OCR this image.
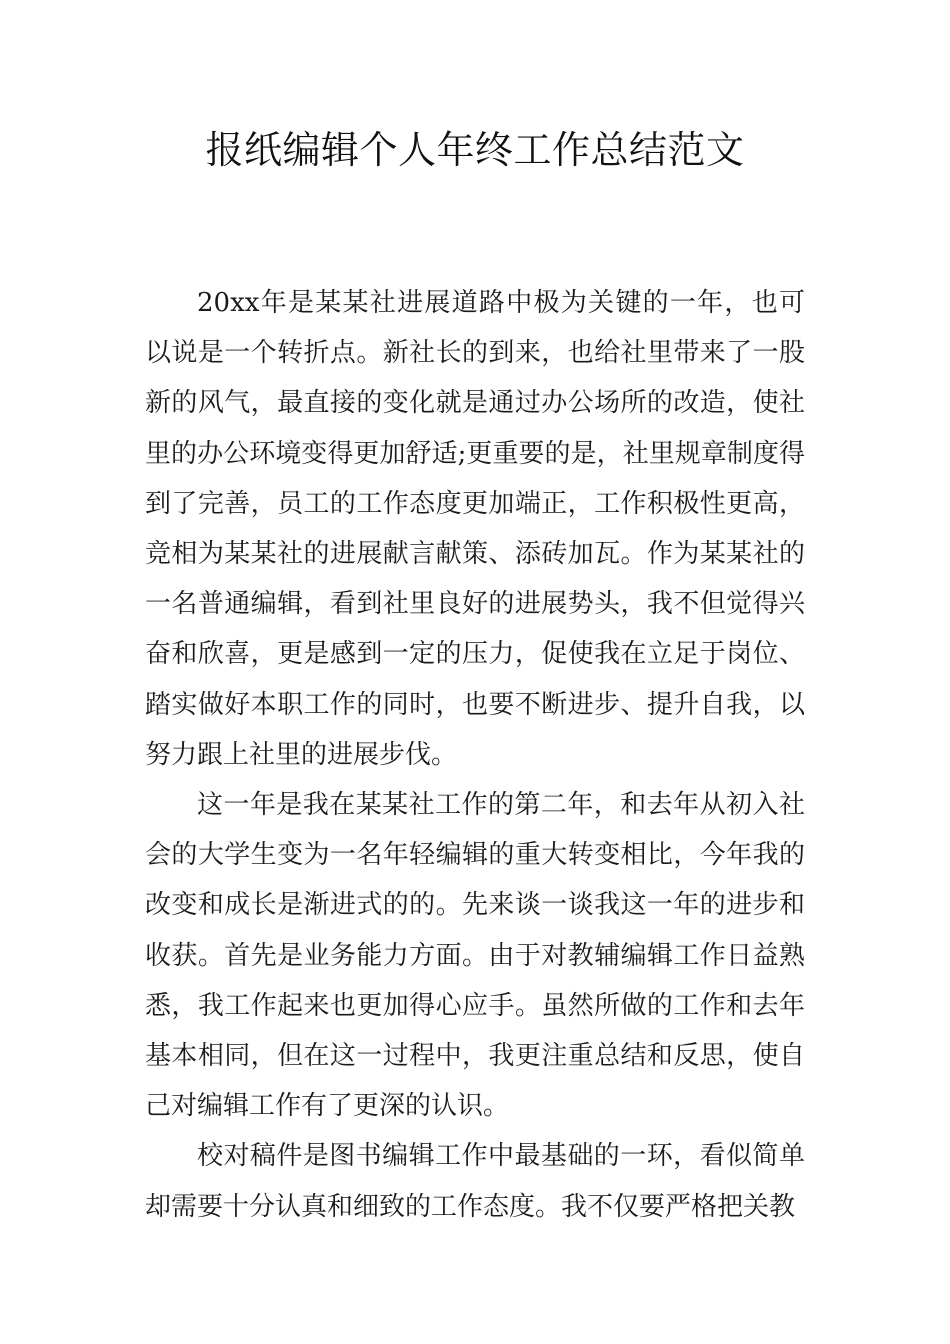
报纸编辑个人年终工作总结范文

20xx年是某某社进展道路中极为关键的一年，也可以说是一个转折点。新社长的到来，也给社里带来了一股新的风气，最直接的变化就是通过办公场所的改造，使社里的办公环境变得更加舒适;更重要的是，社里规章制度得到了完善，员工的工作态度更加端正，工作积极性更高，竞相为某某社的进展献言献策、添砖加瓦。作为某某社的一名普通编辑，看到社里良好的进展势头，我不但觉得兴奋和欣喜，更是感到一定的压力，促使我在立足于岗位、踏实做好本职工作的同时，也要不断进步、提升自我，以努力跟上社里的进展步伐。

这一年是我在某某社工作的第二年，和去年从初入社会的大学生变为一名年轻编辑的重大转变相比，今年我的改变和成长是渐进式的的。先来谈一谈我这一年的进步和收获。首先是业务能力方面。由于对教辅编辑工作日益熟悉，我工作起来也更加得心应手。虽然所做的工作和去年基本相同，但在这一过程中，我更注重总结和反思，使自己对编辑工作有了更深的认识。

校对稿件是图书编辑工作中最基础的一环，看似简单却需要十分认真和细致的工作态度。我不仅要严格把关教
